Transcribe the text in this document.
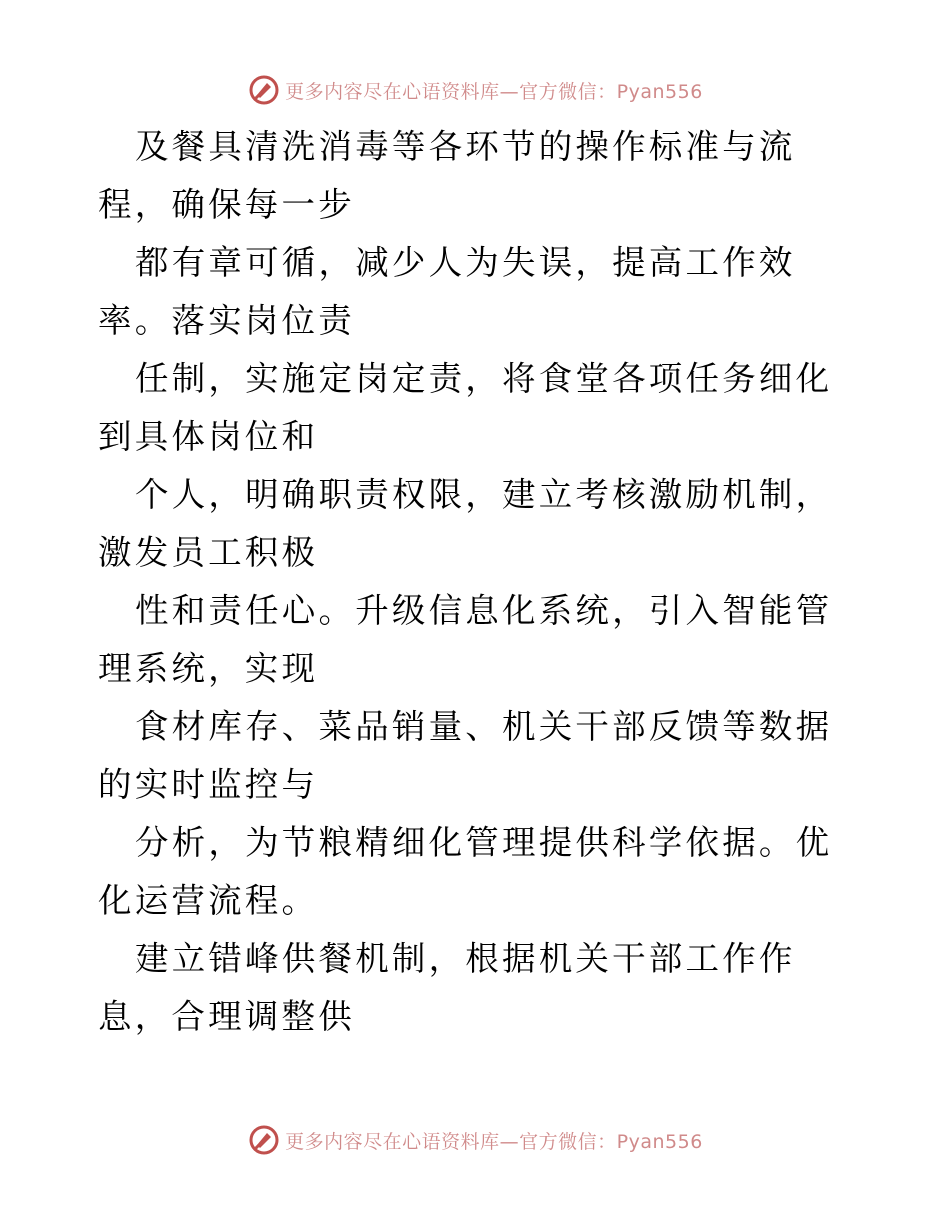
更多内容尽在心语资料库—官方微信：Pyan556

及餐具清洗消毒等各环节的操作标准与流程，确保每一步

都有章可循，减少人为失误，提高工作效率。落实岗位责

任制，实施定岗定责，将食堂各项任务细化到具体岗位和

个人，明确职责权限，建立考核激励机制，激发员工积极

性和责任心。升级信息化系统，引入智能管理系统，实现

食材库存、菜品销量、机关干部反馈等数据的实时监控与

分析，为节粮精细化管理提供科学依据。优化运营流程。

建立错峰供餐机制，根据机关干部工作作息，合理调整供

更多内容尽在心语资料库—官方微信：Pyan556
